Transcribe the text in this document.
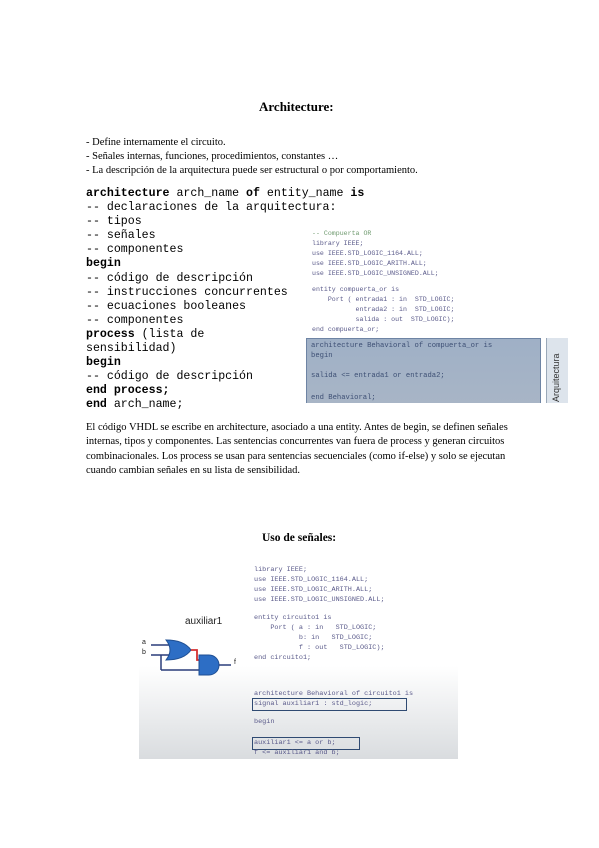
Architecture:
- Define internamente el circuito.
- Señales internas, funciones, procedimientos, constantes …
- La descripción de la arquitectura puede ser estructural o por comportamiento.
architecture arch_name of entity_name is
-- declaraciones de la arquitectura:
-- tipos
-- señales
-- componentes
begin
-- código de descripción
-- instrucciones concurrentes
-- ecuaciones booleanes
-- componentes
process (lista de
sensibilidad)
begin
-- código de descripción
end process;
end arch_name;
-- Compuerta OR
library IEEE;
use IEEE.STD_LOGIC_1164.ALL;
use IEEE.STD_LOGIC_ARITH.ALL;
use IEEE.STD_LOGIC_UNSIGNED.ALL;
entity compuerta_or is
Port ( entrada1 : in  STD_LOGIC;
entrada2 : in  STD_LOGIC;
salida : out  STD_LOGIC);
end compuerta_or;
architecture Behavioral of compuerta_or is
begin
salida <= entrada1 or entrada2;
end Behavioral;	Arquitectura
El código VHDL se escribe en architecture, asociado a una entity. Antes de begin, se definen señales internas, tipos y componentes. Las sentencias concurrentes van fuera de process y generan circuitos combinacionales. Los process se usan para sentencias secuenciales (como if-else) y solo se ejecutan cuando cambian señales en su lista de sensibilidad.
Uso de señales:
library IEEE;
use IEEE.STD_LOGIC_1164.ALL;
use IEEE.STD_LOGIC_ARITH.ALL;
use IEEE.STD_LOGIC_UNSIGNED.ALL;
entity circuito1 is
Port ( a : in   STD_LOGIC;
b: in   STD_LOGIC;
f : out   STD_LOGIC);
end circuito1;
architecture Behavioral of circuito1 is
signal auxiliar1 : std_logic;
begin
auxiliar1 <= a or b;
f <= auxiliar1 and b;
auxiliar1
a
b
f
